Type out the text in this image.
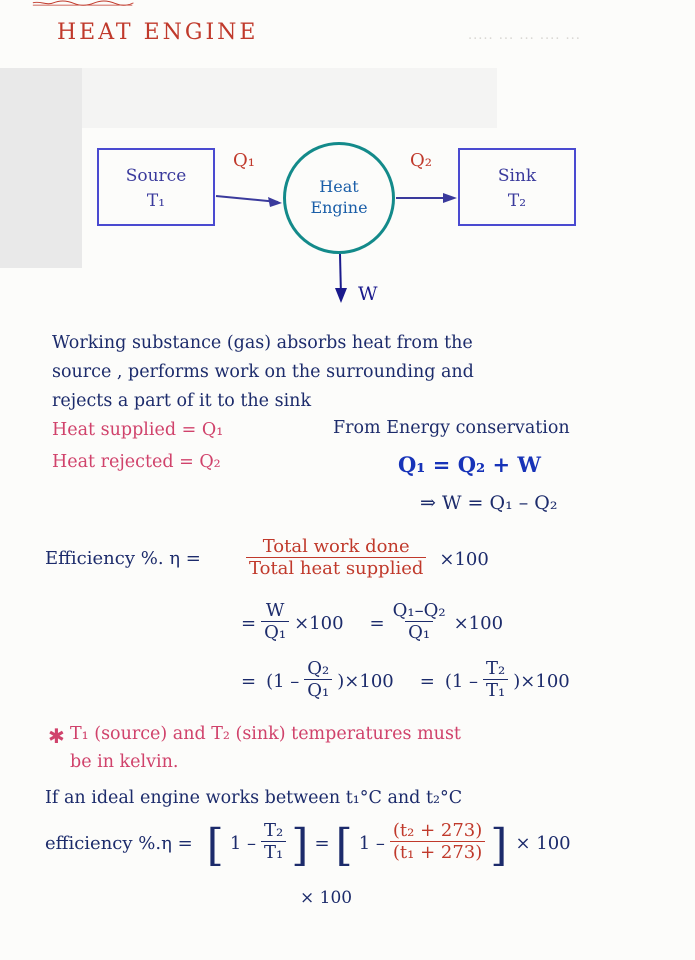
..... ... ... .... ...
HEAT ENGINE
Source
T₁
Heat
Engine
Sink
T₂
Q₁	Q₂
W
Working substance (gas) absorbs heat from the
source , performs work on the surrounding and
rejects a part of it to the sink
Heat supplied = Q₁
Heat rejected = Q₂
From Energy conservation
Q₁ = Q₂ + W
⇒ W = Q₁ – Q₂
Efficiency %. η =	$\frac{\text{Total work done}}{\text{Total heat supplied}} \times 100$
= $\frac{W}{\text{Q₁}} \times 100 = \frac{\text{Q₁–Q₂}}{\text{Q₁}} \times 100$
= $(1 - \frac{\text{Q₂}}{\text{Q₁}} )\times 100 = (1 - \frac{\text{T₂}}{\text{T₁}} )\times 100$
✱ T₁ (source) and T₂ (sink) temperatures must
be in kelvin.
If an ideal engine works between t₁°C and t₂°C
efficiency %.η = [ $1 - \frac{\text{T₂}}{\text{T₁}}$ ] = [ $1 - \frac{\text{(t₂ + 273)}}{\text{(t₁ + 273)}}$ ] × 100
× 100
